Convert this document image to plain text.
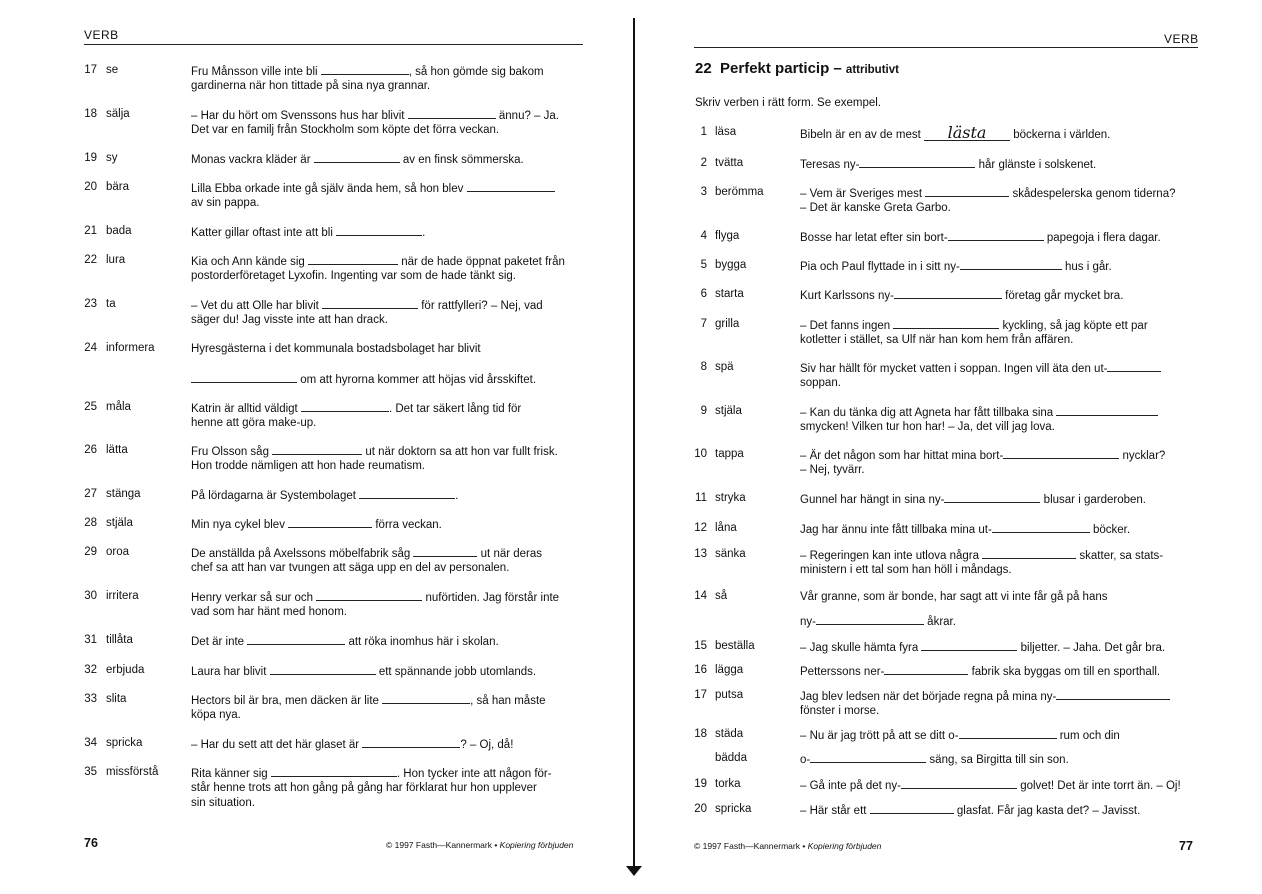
VERB
17 se	Fru Månsson ville inte bli	, så hon gömde sig bakom
gardinerna när hon tittade på sina nya grannar.
18 sälja	– Har du hört om Svenssons hus har blivit	ännu? – Ja.
Det var en familj från Stockholm som köpte det förra veckan.
19 sy	Monas vackra kläder är	av en finsk sömmerska.
20 bära	Lilla Ebba orkade inte gå själv ända hem, så hon blev
av sin pappa.
21 bada	Katter gillar oftast inte att bli	.
22 lura	Kia och Ann kände sig	när de hade öppnat paketet från
postorderföretaget Lyxofin. Ingenting var som de hade tänkt sig.
23 ta	– Vet du att Olle har blivit	för rattfylleri? – Nej, vad
säger du! Jag visste inte att han drack.
24 informera	Hyresgästerna i det kommunala bostadsbolaget har blivit
om att hyrorna kommer att höjas vid årsskiftet.
25 måla	Katrin är alltid väldigt	. Det tar säkert lång tid för
henne att göra make-up.
26 lätta	Fru Olsson såg	ut när doktorn sa att hon var fullt frisk.
Hon trodde nämligen att hon hade reumatism.
27 stänga	På lördagarna är Systembolaget	.
28 stjäla	Min nya cykel blev	förra veckan.
29 oroa	De anställda på Axelssons möbelfabrik såg	ut när deras
chef sa att han var tvungen att säga upp en del av personalen.
30 irritera	Henry verkar så sur och	nuförtiden. Jag förstår inte
vad som har hänt med honom.
31 tillåta	Det är inte	att röka inomhus här i skolan.
32 erbjuda	Laura har blivit	ett spännande jobb utomlands.
33 slita	Hectors bil är bra, men däcken är lite	, så han måste
köpa nya.
34 spricka	– Har du sett att det här glaset är	? – Oj, då!
35 missförstå	Rita känner sig	. Hon tycker inte att någon för-
står henne trots att hon gång på gång har förklarat hur hon upplever
sin situation.
76	© 1997 Fasth—Kannermark • Kopiering förbjuden
VERB
22 Perfekt particip – attributivt
Skriv verben i rätt form. Se exempel.
1 läsa	Bibeln är en av de mest lästa böckerna i världen.
2 tvätta	Teresas ny-	hår glänste i solskenet.
3 berömma	– Vem är Sveriges mest	skådespelerska genom tiderna?
– Det är kanske Greta Garbo.
4 flyga	Bosse har letat efter sin bort-	papegoja i flera dagar.
5 bygga	Pia och Paul flyttade in i sitt ny-	hus i går.
6 starta	Kurt Karlssons ny-	företag går mycket bra.
7 grilla	– Det fanns ingen	kyckling, så jag köpte ett par
kotletter i stället, sa Ulf när han kom hem från affären.
8 spä	Siv har hällt för mycket vatten i soppan. Ingen vill äta den ut-
soppan.
9 stjäla	– Kan du tänka dig att Agneta har fått tillbaka sina
smycken! Vilken tur hon har! – Ja, det vill jag lova.
10 tappa	– Är det någon som har hittat mina bort-	nycklar?
– Nej, tyvärr.
11 stryka	Gunnel har hängt in sina ny-	blusar i garderoben.
12 låna	Jag har ännu inte fått tillbaka mina ut-	böcker.
13 sänka	– Regeringen kan inte utlova några	skatter, sa stats-
ministern i ett tal som han höll i måndags.
14 så	Vår granne, som är bonde, har sagt att vi inte får gå på hans
ny-	åkrar.
15 beställa	– Jag skulle hämta fyra	biljetter. – Jaha. Det går bra.
16 lägga	Petterssons ner-	fabrik ska byggas om till en sporthall.
17 putsa	Jag blev ledsen när det började regna på mina ny-
fönster i morse.
18 städa	– Nu är jag trött på att se ditt o-	rum och din
bädda	o-	säng, sa Birgitta till sin son.
19 torka	– Gå inte på det ny-	golvet! Det är inte torrt än. – Oj!
20 spricka	– Här står ett	glasfat. Får jag kasta det? – Javisst.
© 1997 Fasth—Kannermark • Kopiering förbjuden	77
